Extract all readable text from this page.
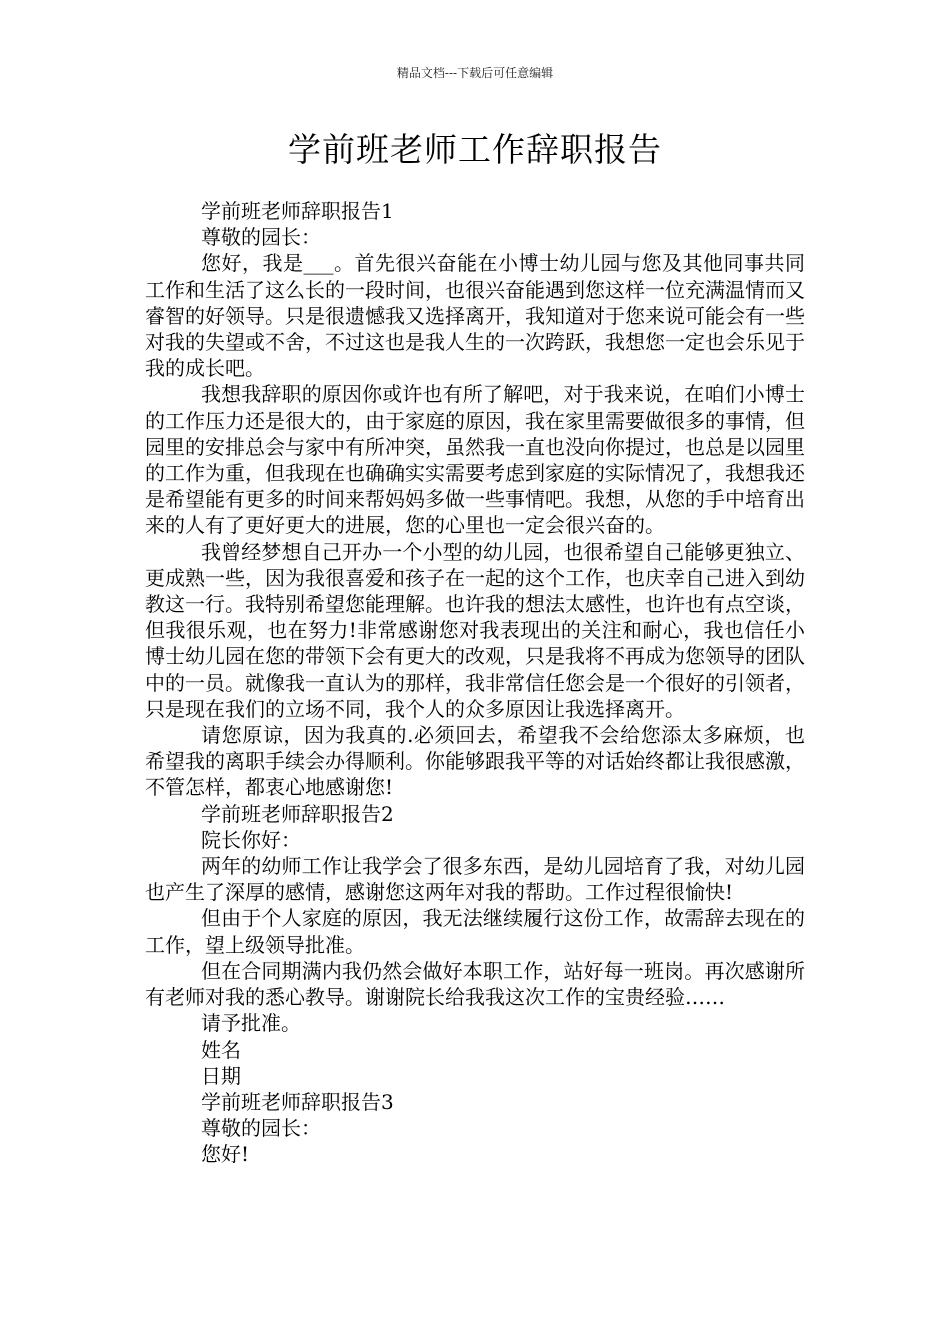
精品文档---下载后可任意编辑
学前班老师工作辞职报告
学前班老师辞职报告1
尊敬的园长：

您好，我是___。首先很兴奋能在小博士幼儿园与您及其他同事共同工作和生活了这么长的一段时间，也很兴奋能遇到您这样一位充满温情而又睿智的好领导。只是很遗憾我又选择离开，我知道对于您来说可能会有一些对我的失望或不舍，不过这也是我人生的一次跨跃，我想您一定也会乐见于我的成长吧。

我想我辞职的原因你或许也有所了解吧，对于我来说，在咱们小博士的工作压力还是很大的，由于家庭的原因，我在家里需要做很多的事情，但园里的安排总会与家中有所冲突，虽然我一直也没向你提过，也总是以园里的工作为重，但我现在也确确实实需要考虑到家庭的实际情况了，我想我还是希望能有更多的时间来帮妈妈多做一些事情吧。我想，从您的手中培育出来的人有了更好更大的进展，您的心里也一定会很兴奋的。

我曾经梦想自己开办一个小型的幼儿园，也很希望自己能够更独立、更成熟一些，因为我很喜爱和孩子在一起的这个工作，也庆幸自己进入到幼教这一行。我特别希望您能理解。也许我的想法太感性，也许也有点空谈，但我很乐观，也在努力!非常感谢您对我表现出的关注和耐心，我也信任小博士幼儿园在您的带领下会有更大的改观，只是我将不再成为您领导的团队中的一员。就像我一直认为的那样，我非常信任您会是一个很好的引领者，只是现在我们的立场不同，我个人的众多原因让我选择离开。

请您原谅，因为我真的.必须回去，希望我不会给您添太多麻烦，也希望我的离职手续会办得顺利。你能够跟我平等的对话始终都让我很感激，不管怎样，都衷心地感谢您!

学前班老师辞职报告2
院长你好：

两年的幼师工作让我学会了很多东西，是幼儿园培育了我，对幼儿园也产生了深厚的感情，感谢您这两年对我的帮助。工作过程很愉快!

但由于个人家庭的原因，我无法继续履行这份工作，故需辞去现在的工作，望上级领导批准。

但在合同期满内我仍然会做好本职工作，站好每一班岗。再次感谢所有老师对我的悉心教导。谢谢院长给我我这次工作的宝贵经验……

请予批准。
姓名
日期
学前班老师辞职报告3
尊敬的园长：
您好!
